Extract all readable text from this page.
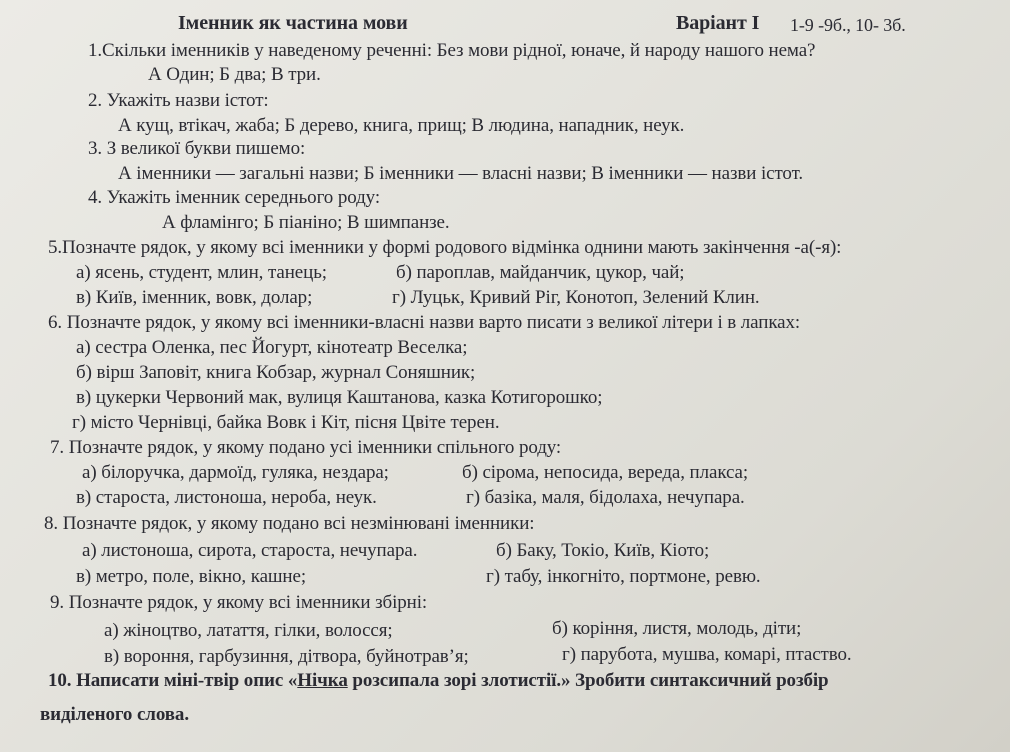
Іменник як частина мови	Варіант І 1-9 -9б., 10- 3б.
1.Скільки іменників у наведеному реченні: Без мови рідної, юначе, й народу нашого нема?
А Один; Б два; В три.
2. Укажіть назви істот:
А кущ, втікач, жаба; Б дерево, книга, прищ; В людина, нападник, неук.
3. З великої букви пишемо:
А іменники — загальні назви; Б іменники — власні назви; В іменники — назви істот.
4. Укажіть іменник середнього роду:
А фламінго; Б піаніно; В шимпанзе.
5.Позначте рядок, у якому всі іменники у формі родового відмінка однини мають закінчення -а(-я):
а) ясень, студент, млин, танець;	б) пароплав, майданчик, цукор, чай;
в) Київ, іменник, вовк, долар;	г) Луцьк, Кривий Ріг, Конотоп, Зелений Клин.
6. Позначте рядок, у якому всі іменники-власні назви варто писати з великої літери і в лапках:
а) сестра Оленка, пес Йогурт, кінотеатр Веселка;
б) вірш Заповіт, книга Кобзар, журнал Соняшник;
в) цукерки Червоний мак, вулиця Каштанова, казка Котигорошко;
г) місто Чернівці, байка Вовк і Кіт, пісня Цвіте терен.
7. Позначте рядок, у якому подано усі іменники спільного роду:
а) білоручка, дармоїд, гуляка, нездара;	б) сірома, непосида, вереда, плакса;
в) староста, листоноша, нероба, неук.	г) базіка, маля, бідолаха, нечупара.
8. Позначте рядок, у якому подано всі незмінювані іменники:
а) листоноша, сирота, староста, нечупара.	б) Баку, Токіо, Київ, Кіото;
в) метро, поле, вікно, кашне;	г) табу, інкогніто, портмоне, ревю.
9. Позначте рядок, у якому всі іменники збірні:
а) жіноцтво, латаття, гілки, волосся;	б) коріння, листя, молодь, діти;
в) вороння, гарбузиння, дітвора, буйнотрав’я;	г) парубота, мушва, комарі, птаство.
10. Написати міні-твір опис «Нічка розсипала зорі злотистії.» Зробити синтаксичний розбір
виділеного слова.
